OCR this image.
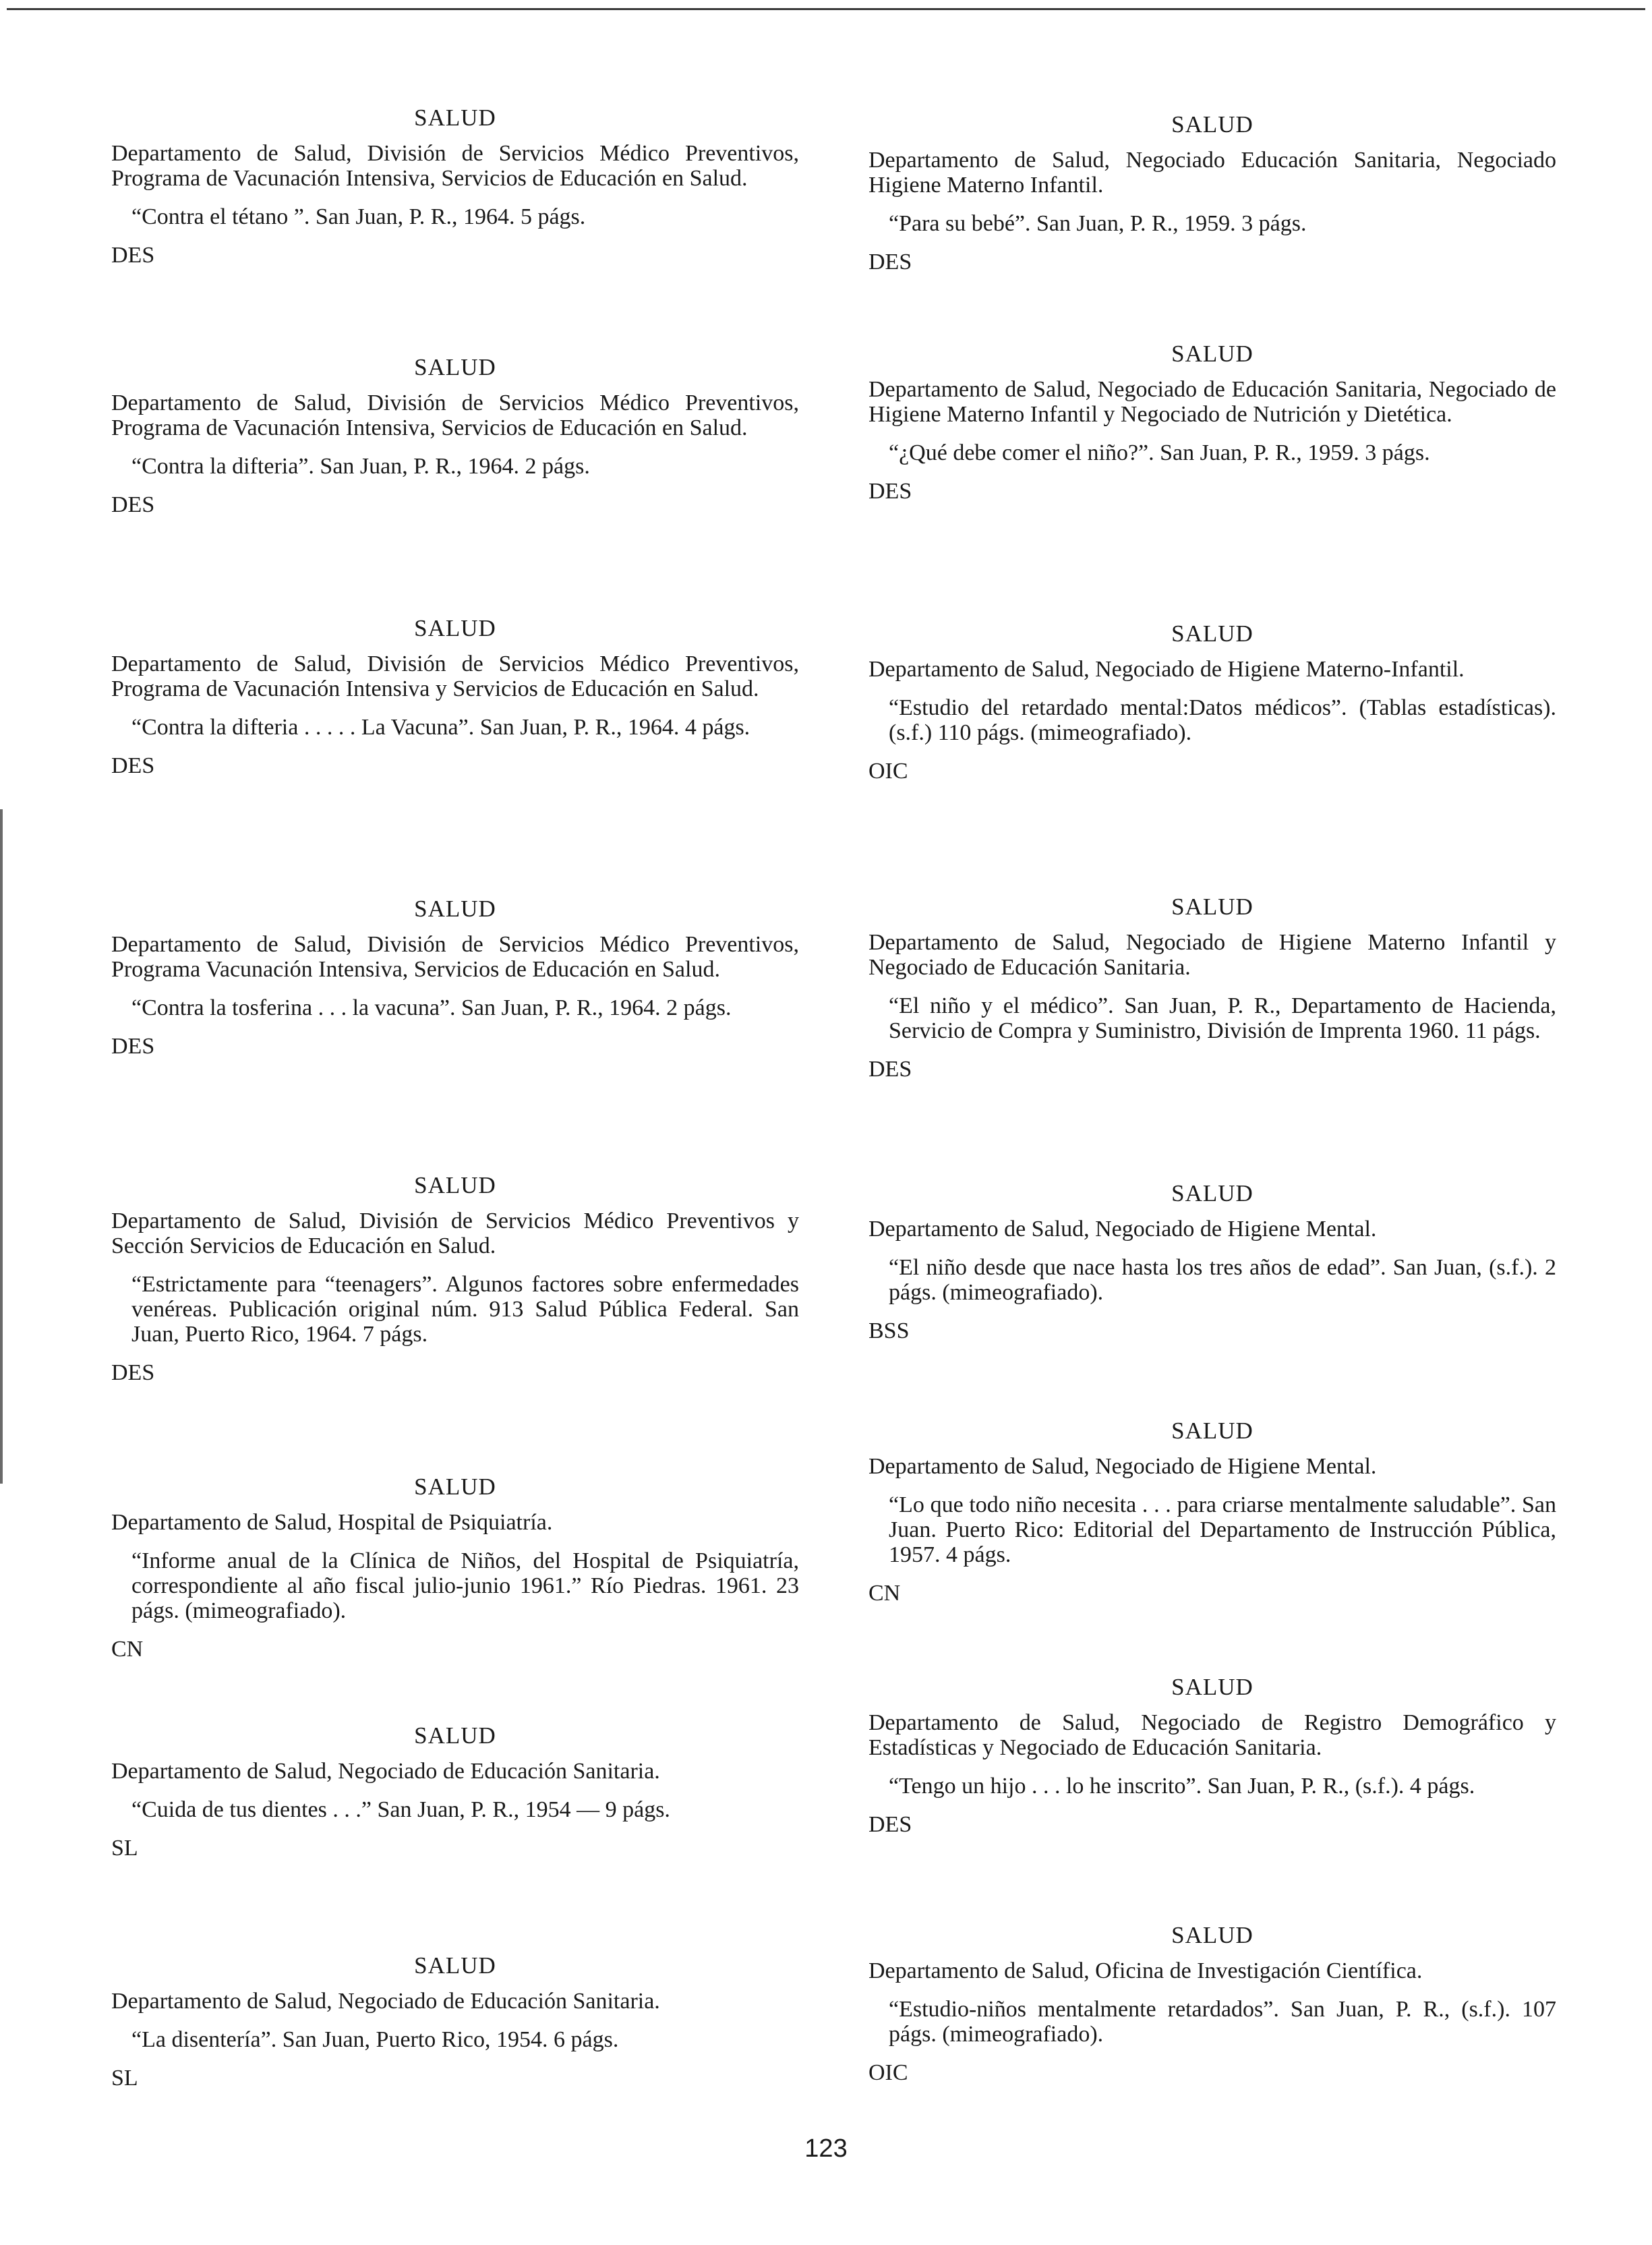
SALUD
Departamento de Salud, División de Servicios Médico Preventivos, Programa de Vacunación Intensiva, Servicios de Educación en Salud.
“Contra el tétano ”. San Juan, P. R., 1964. 5 págs.
DES
SALUD
Departamento de Salud, División de Servicios Médico Preventivos, Programa de Vacunación Intensiva, Servicios de Educación en Salud.
“Contra la difteria”. San Juan, P. R., 1964. 2 págs.
DES
SALUD
Departamento de Salud, División de Servicios Médico Preventivos, Programa de Vacunación Intensiva y Servicios de Educación en Salud.
“Contra la difteria . . . . . La Vacuna”. San Juan, P. R., 1964. 4 págs.
DES
SALUD
Departamento de Salud, División de Servicios Médico Preventivos, Programa Vacunación Intensiva, Servicios de Educación en Salud.
“Contra la tosferina . . . la vacuna”. San Juan, P. R., 1964. 2 págs.
DES
SALUD
Departamento de Salud, División de Servicios Médico Preventivos y Sección Servicios de Educación en Salud.
“Estrictamente para “teenagers”. Algunos factores sobre enfermedades venéreas. Publicación original núm. 913 Salud Pública Federal. San Juan, Puerto Rico, 1964. 7 págs.
DES
SALUD
Departamento de Salud, Hospital de Psiquiatría.
“Informe anual de la Clínica de Niños, del Hospital de Psiquiatría, correspondiente al año fiscal julio-junio 1961.” Río Piedras. 1961. 23 págs. (mimeografiado).
CN
SALUD
Departamento de Salud, Negociado de Educación Sanitaria.
“Cuida de tus dientes . . .” San Juan, P. R., 1954 — 9 págs.
SL
SALUD
Departamento de Salud, Negociado de Educación Sanitaria.
“La disentería”. San Juan, Puerto Rico, 1954. 6 págs.
SL
SALUD
Departamento de Salud, Negociado Educación Sanitaria, Negociado Higiene Materno Infantil.
“Para su bebé”. San Juan, P. R., 1959. 3 págs.
DES
SALUD
Departamento de Salud, Negociado de Educación Sanitaria, Negociado de Higiene Materno Infantil y Negociado de Nutrición y Dietética.
“¿Qué debe comer el niño?”. San Juan, P. R., 1959. 3 págs.
DES
SALUD
Departamento de Salud, Negociado de Higiene Materno-Infantil.
“Estudio del retardado mental:Datos médicos”. (Tablas estadísticas). (s.f.) 110 págs. (mimeografiado).
OIC
SALUD
Departamento de Salud, Negociado de Higiene Materno Infantil y Negociado de Educación Sanitaria.
“El niño y el médico”. San Juan, P. R., Departamento de Hacienda, Servicio de Compra y Suministro, División de Imprenta 1960. 11 págs.
DES
SALUD
Departamento de Salud, Negociado de Higiene Mental.
“El niño desde que nace hasta los tres años de edad”. San Juan, (s.f.). 2 págs. (mimeografiado).
BSS
SALUD
Departamento de Salud, Negociado de Higiene Mental.
“Lo que todo niño necesita . . . para criarse mentalmente saludable”. San Juan. Puerto Rico: Editorial del Departamento de Instrucción Pública, 1957. 4 págs.
CN
SALUD
Departamento de Salud, Negociado de Registro Demográfico y Estadísticas y Negociado de Educación Sanitaria.
“Tengo un hijo . . . lo he inscrito”. San Juan, P. R., (s.f.). 4 págs.
DES
SALUD
Departamento de Salud, Oficina de Investigación Científica.
“Estudio-niños mentalmente retardados”. San Juan, P. R., (s.f.). 107 págs. (mimeografiado).
OIC
123
